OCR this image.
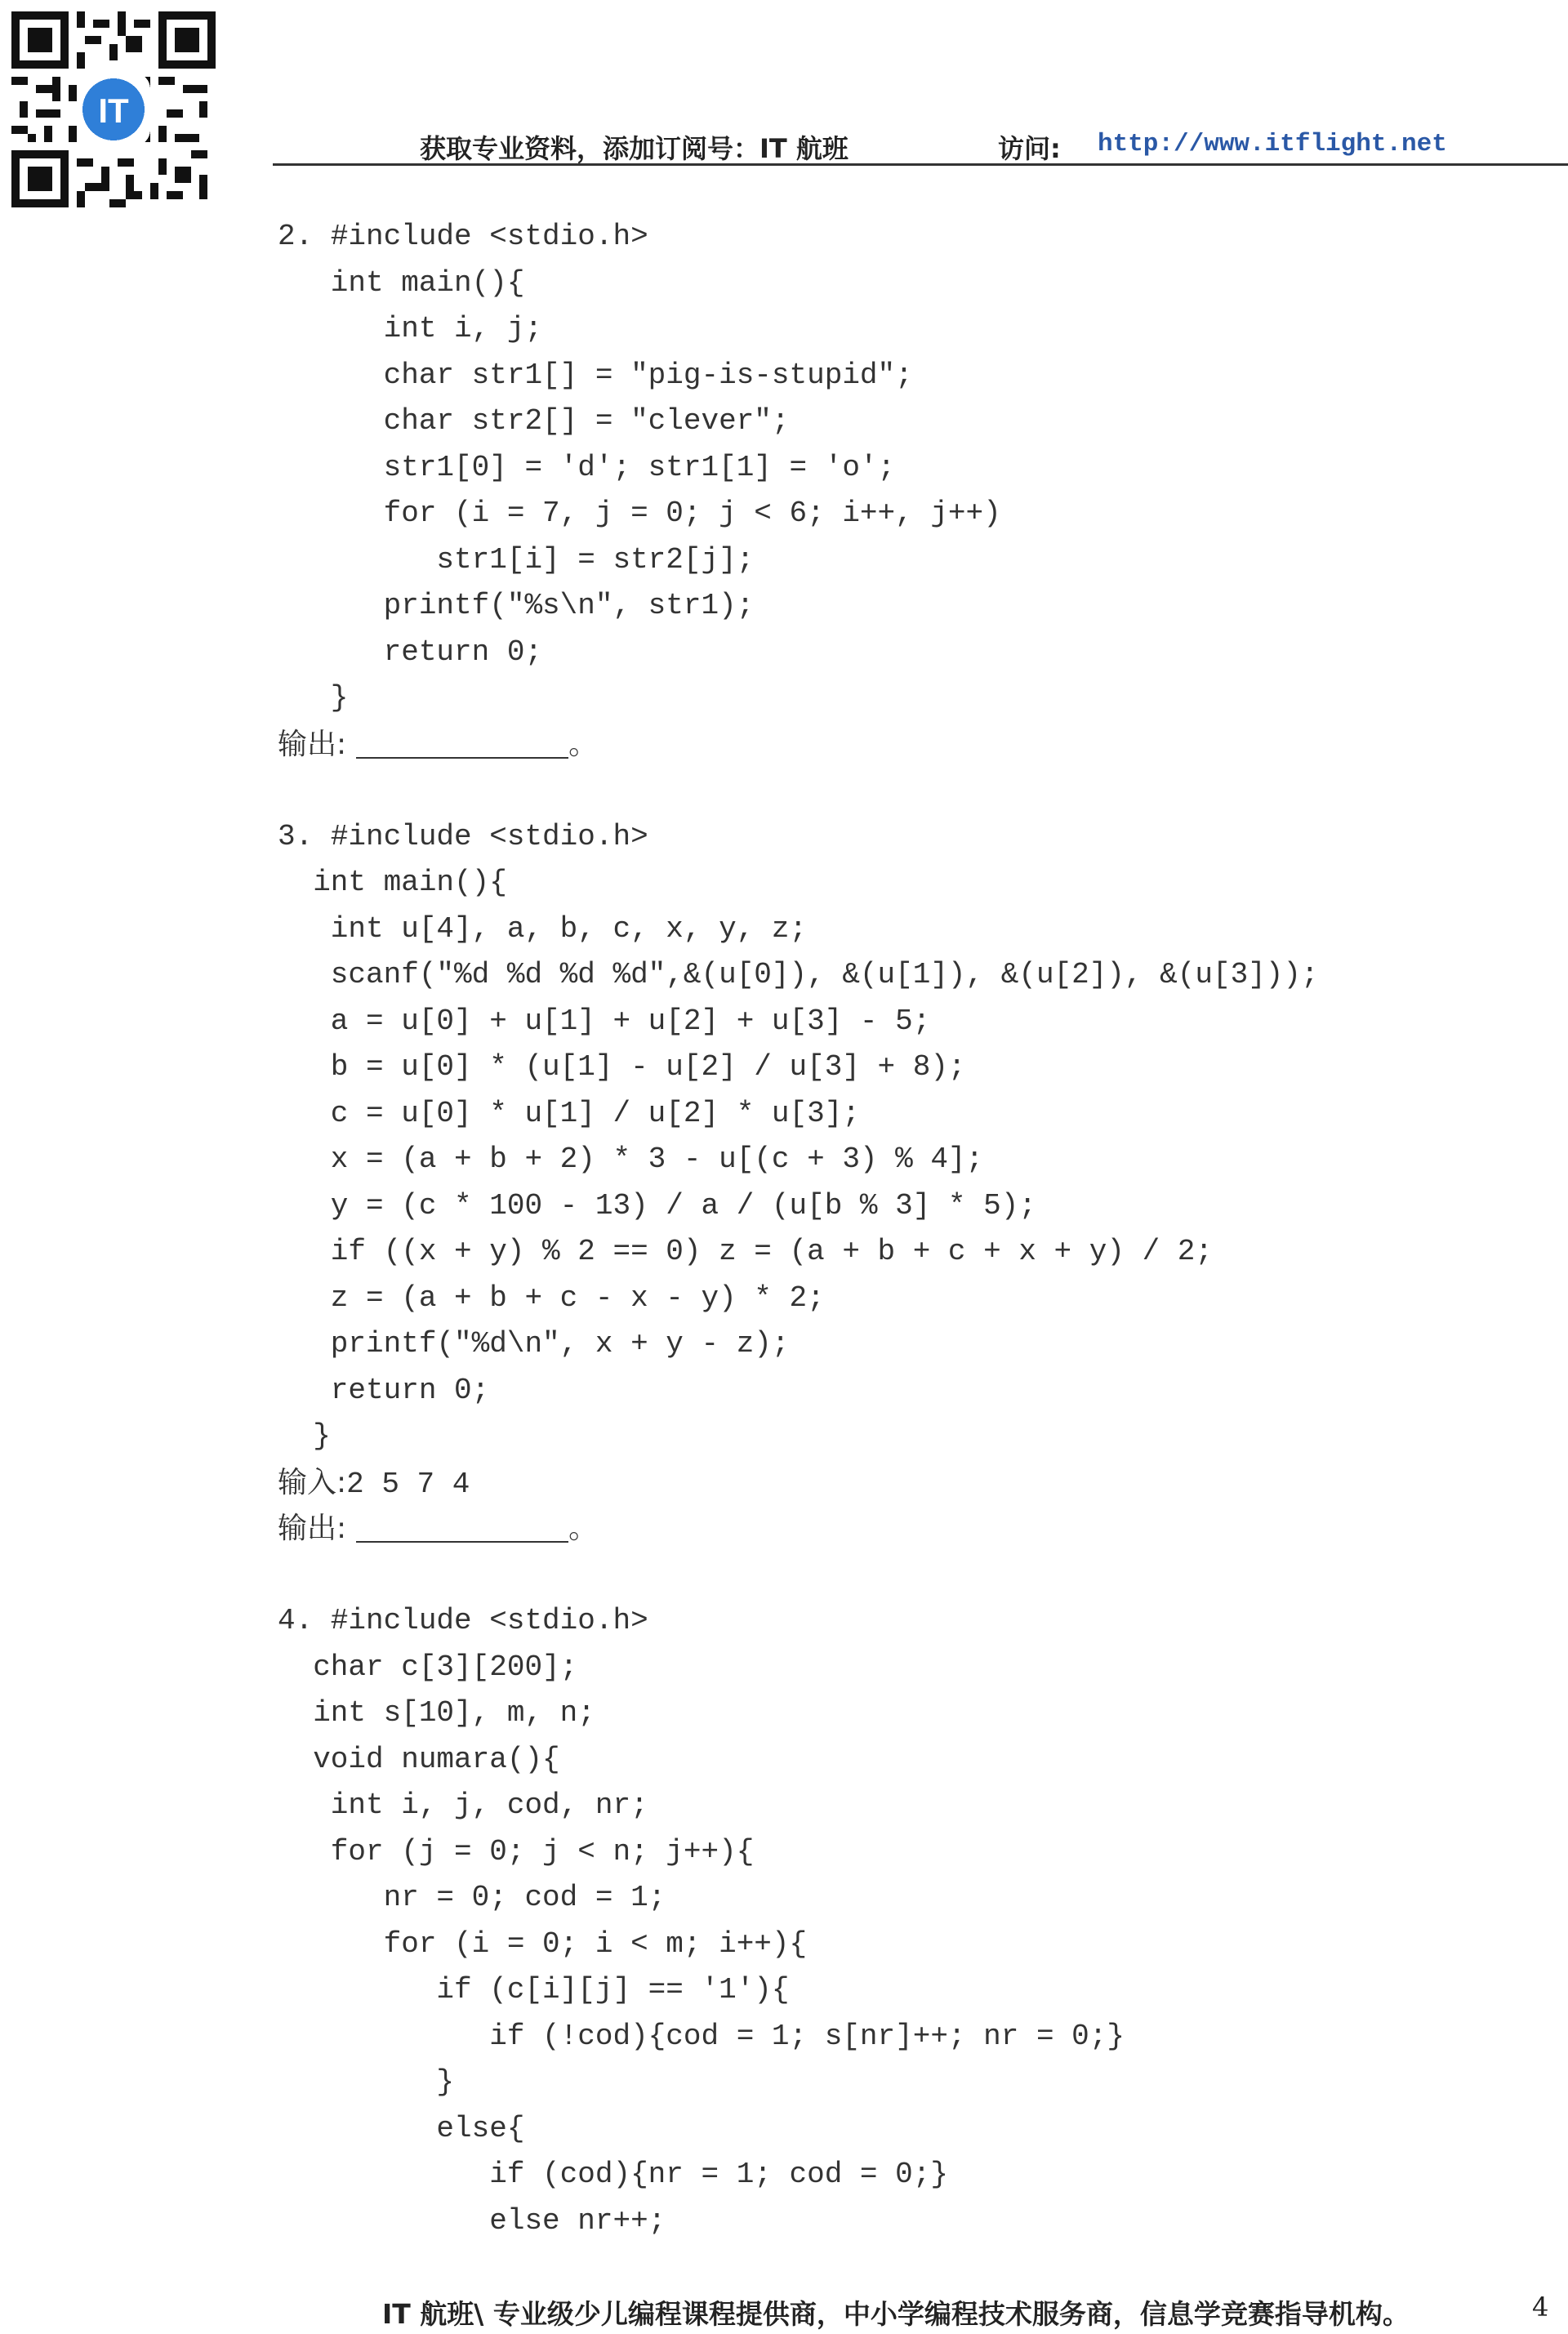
IT
获取专业资料，添加订阅号：IT 航班	访问: http://www.itflight.net
2. #include <stdio.h>
int main(){
int i, j;
char str1[] = "pig-is-stupid";
char str2[] = "clever";
str1[0] = 'd'; str1[1] = 'o';
for (i = 7, j = 0; j < 6; i++, j++)
str1[i] = str2[j];
printf("%s\n", str1);
return 0;
}
输出:	。
3. #include <stdio.h>
int main(){
int u[4], a, b, c, x, y, z;
scanf("%d %d %d %d",&(u[0]), &(u[1]), &(u[2]), &(u[3]));
a = u[0] + u[1] + u[2] + u[3] - 5;
b = u[0] * (u[1] - u[2] / u[3] + 8);
c = u[0] * u[1] / u[2] * u[3];
x = (a + b + 2) * 3 - u[(c + 3) % 4];
y = (c * 100 - 13) / a / (u[b % 3] * 5);
if ((x + y) % 2 == 0) z = (a + b + c + x + y) / 2;
z = (a + b + c - x - y) * 2;
printf("%d\n", x + y - z);
return 0;
}
输入:2 5 7 4
输出:	。
4. #include <stdio.h>
char c[3][200];
int s[10], m, n;
void numara(){
int i, j, cod, nr;
for (j = 0; j < n; j++){
nr = 0; cod = 1;
for (i = 0; i < m; i++){
if (c[i][j] == '1'){
if (!cod){cod = 1; s[nr]++; nr = 0;}
}
else{
if (cod){nr = 1; cod = 0;}
else nr++;
IT 航班\ 专业级少儿编程课程提供商，中小学编程技术服务商，信息学竞赛指导机构。	4
